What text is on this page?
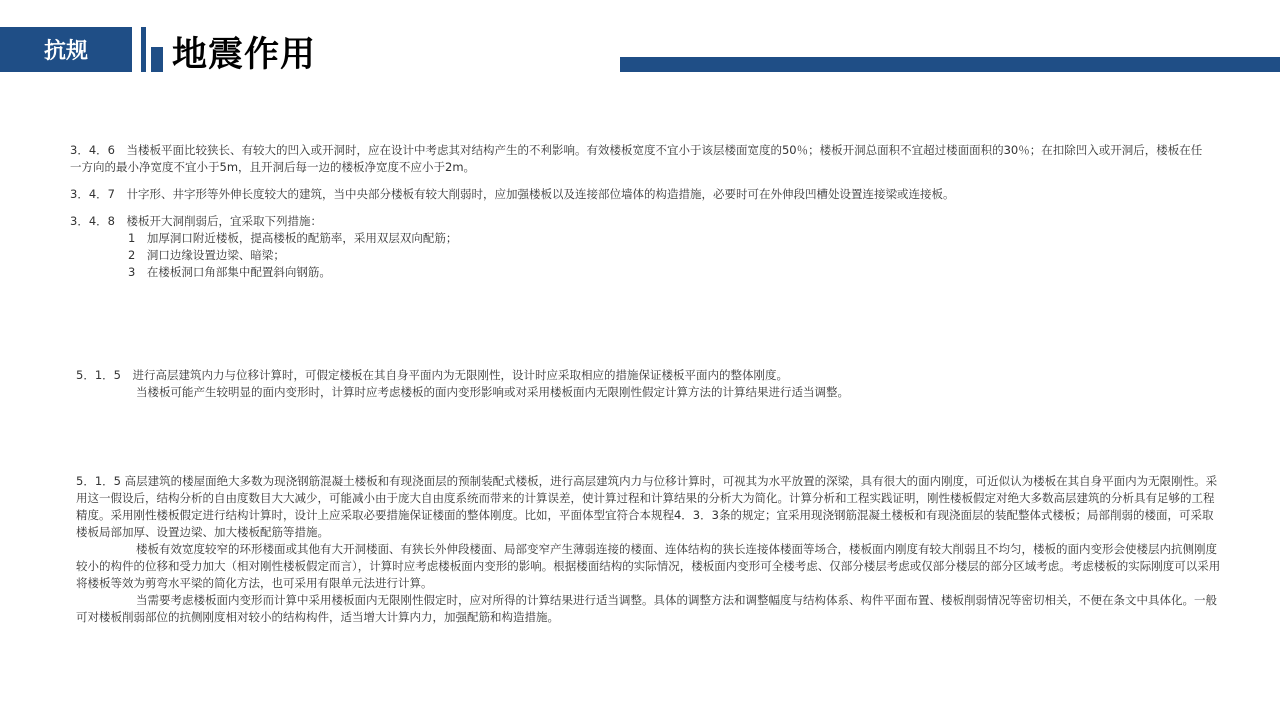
抗规 地震作用

3．4．6　当楼板平面比较狭长、有较大的凹入或开洞时，应在设计中考虑其对结构产生的不利影响。有效楼板宽度不宜小于该层楼面宽度的50％；楼板开洞总面积不宜超过楼面面积的30％；在扣除凹入或开洞后，楼板在任一方向的最小净宽度不宜小于5m，且开洞后每一边的楼板净宽度不应小于2m。

3．4．7　卄字形、井字形等外伸长度较大的建筑，当中央部分楼板有较大削弱时，应加强楼板以及连接部位墙体的构造措施，必要时可在外伸段凹槽处设置连接梁或连接板。

3．4．8　楼板开大洞削弱后，宜采取下列措施：

1　加厚洞口附近楼板，提高楼板的配筋率，采用双层双向配筋；

2　洞口边缘设置边梁、暗梁；

3　在楼板洞口角部集中配置斜向钢筋。

5．1．5　进行高层建筑内力与位移计算时，可假定楼板在其自身平面内为无限刚性，设计时应采取相应的措施保证楼板平面内的整体刚度。

当楼板可能产生较明显的面内变形时，计算时应考虑楼板的面内变形影响或对采用楼板面内无限刚性假定计算方法的计算结果进行适当调整。

5．1．5 高层建筑的楼屋面绝大多数为现浇钢筋混凝土楼板和有现浇面层的预制装配式楼板，进行高层建筑内力与位移计算时，可视其为水平放置的深梁，具有很大的面内刚度，可近似认为楼板在其自身平面内为无限刚性。采用这一假设后，结构分析的自由度数目大大减少，可能减小由于庞大自由度系统而带来的计算误差，使计算过程和计算结果的分析大为简化。计算分析和工程实践证明，刚性楼板假定对绝大多数高层建筑的分析具有足够的工程精度。采用刚性楼板假定进行结构计算时，设计上应采取必要措施保证楼面的整体刚度。比如，平面体型宜符合本规程4．3．3条的规定；宜采用现浇钢筋混凝土楼板和有现浇面层的装配整体式楼板；局部削弱的楼面，可采取楼板局部加厚、设置边梁、加大楼板配筋等措施。

楼板有效宽度较窄的环形楼面或其他有大开洞楼面、有狭长外伸段楼面、局部变窄产生薄弱连接的楼面、连体结构的狭长连接体楼面等场合，楼板面内刚度有较大削弱且不均匀，楼板的面内变形会使楼层内抗侧刚度较小的构件的位移和受力加大（相对刚性楼板假定而言），计算时应考虑楼板面内变形的影响。根据楼面结构的实际情况，楼板面内变形可全楼考虑、仅部分楼层考虑或仅部分楼层的部分区域考虑。考虑楼板的实际刚度可以采用将楼板等效为剪弯水平梁的简化方法，也可采用有限单元法进行计算。

当需要考虑楼板面内变形而计算中采用楼板面内无限刚性假定时，应对所得的计算结果进行适当调整。具体的调整方法和调整幅度与结构体系、构件平面布置、楼板削弱情况等密切相关，不便在条文中具体化。一般可对楼板削弱部位的抗侧刚度相对较小的结构构件，适当增大计算内力，加强配筋和构造措施。
